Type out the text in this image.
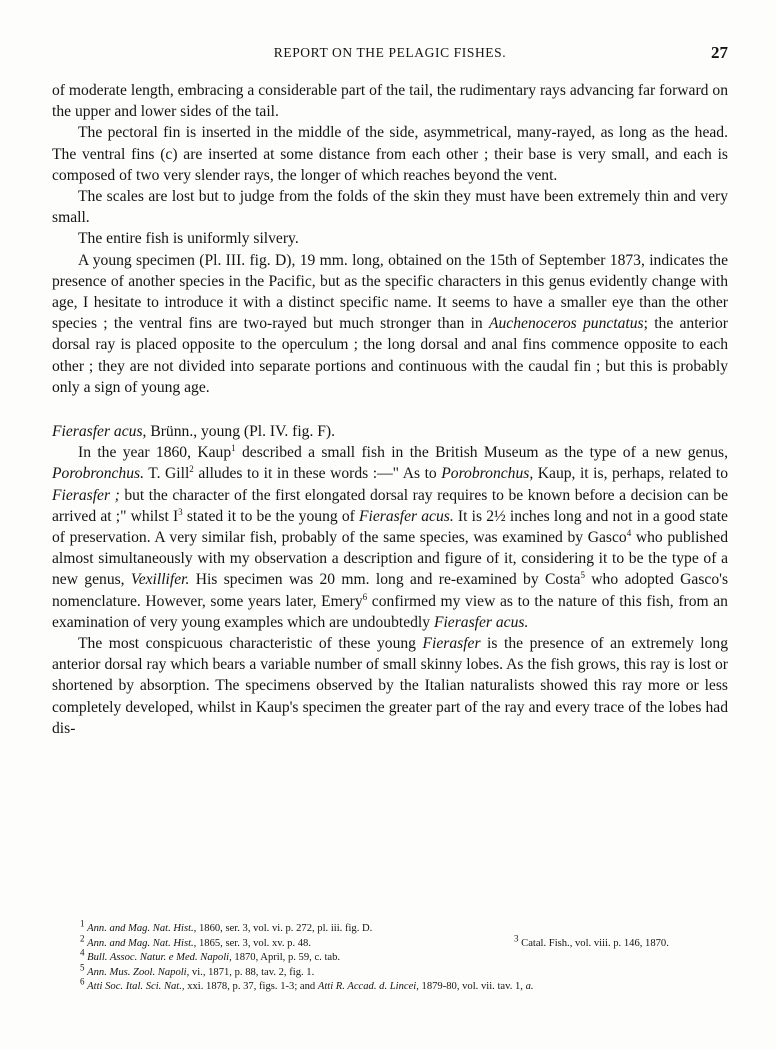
REPORT ON THE PELAGIC FISHES.	27

of moderate length, embracing a considerable part of the tail, the rudimentary rays advancing far forward on the upper and lower sides of the tail.

The pectoral fin is inserted in the middle of the side, asymmetrical, many-rayed, as long as the head. The ventral fins (c) are inserted at some distance from each other ; their base is very small, and each is composed of two very slender rays, the longer of which reaches beyond the vent.

The scales are lost but to judge from the folds of the skin they must have been extremely thin and very small.

The entire fish is uniformly silvery.

A young specimen (Pl. III. fig. D), 19 mm. long, obtained on the 15th of September 1873, indicates the presence of another species in the Pacific, but as the specific characters in this genus evidently change with age, I hesitate to introduce it with a distinct specific name. It seems to have a smaller eye than the other species ; the ventral fins are two-rayed but much stronger than in Auchenoceros punctatus; the anterior dorsal ray is placed opposite to the operculum ; the long dorsal and anal fins commence opposite to each other ; they are not divided into separate portions and continuous with the caudal fin ; but this is probably only a sign of young age.

Fierasfer acus, Brünn., young (Pl. IV. fig. F).

In the year 1860, Kaup$^1$ described a small fish in the British Museum as the type of a new genus, Porobronchus. T. Gill$^2$ alludes to it in these words :—" As to Porobronchus, Kaup, it is, perhaps, related to Fierasfer ; but the character of the first elongated dorsal ray requires to be known before a decision can be arrived at ;" whilst $I^3$ stated it to be the young of Fierasfer acus. It is 2½ inches long and not in a good state of preservation. A very similar fish, probably of the same species, was examined by Gasco$^4$ who published almost simultaneously with my observation a description and figure of it, considering it to be the type of a new genus, Vexillifer. His specimen was 20 mm. long and re-examined by Costa$^5$ who adopted Gasco's nomenclature. However, some years later, Emery$^6$ confirmed my view as to the nature of this fish, from an examination of very young examples which are undoubtedly Fierasfer acus.

The most conspicuous characteristic of these young Fierasfer is the presence of an extremely long anterior dorsal ray which bears a variable number of small skinny lobes. As the fish grows, this ray is lost or shortened by absorption. The specimens observed by the Italian naturalists showed this ray more or less completely developed, whilst in Kaup's specimen the greater part of the ray and every trace of the lobes had dis-

$^1$ Ann. and Mag. Nat. Hist., 1860, ser. 3, vol. vi. p. 272, pl. iii. fig. D.
$^2$ Ann. and Mag. Nat. Hist., 1865, ser. 3, vol. xv. p. 48.	$^3$ Catal. Fish., vol. viii. p. 146, 1870.
$^4$ Bull. Assoc. Natur. e Med. Napoli, 1870, April, p. 59, c. tab.
$^5$ Ann. Mus. Zool. Napoli, vi., 1871, p. 88, tav. 2, fig. 1.
$^6$ Atti Soc. Ital. Sci. Nat., xxi. 1878, p. 37, figs. 1-3; and Atti R. Accad. d. Lincei, 1879-80, vol. vii. tav. 1, a.
